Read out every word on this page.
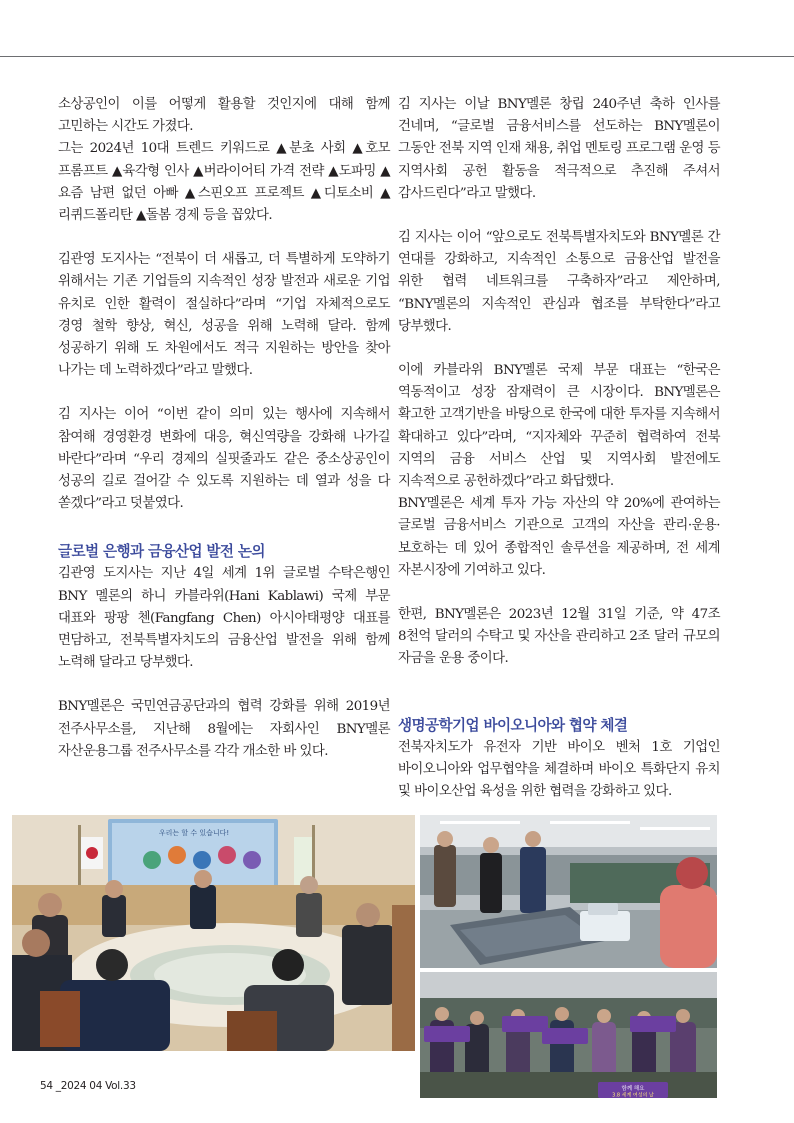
소상공인이 이를 어떻게 활용할 것인지에 대해 함께 고민하는 시간도 가졌다.

그는 2024년 10대 트렌드 키워드로 ▲분초 사회 ▲호모 프롬프트 ▲육각형 인사 ▲버라이어티 가격 전략 ▲도파밍 ▲요즘 남편 없던 아빠 ▲스핀오프 프로젝트 ▲디토소비 ▲리퀴드폴리탄 ▲돌봄 경제 등을 꼽았다.

김관영 도지사는 “전북이 더 새롭고, 더 특별하게 도약하기 위해서는 기존 기업들의 지속적인 성장 발전과 새로운 기업 유치로 인한 활력이 절실하다”라며 “기업 자체적으로도 경영 철학 향상, 혁신, 성공을 위해 노력해 달라. 함께 성공하기 위해 도 차원에서도 적극 지원하는 방안을 찾아 나가는 데 노력하겠다”라고 말했다.

김 지사는 이어 “이번 같이 의미 있는 행사에 지속해서 참여해 경영환경 변화에 대응, 혁신역량을 강화해 나가길 바란다”라며 “우리 경제의 실핏줄과도 같은 중소상공인이 성공의 길로 걸어갈 수 있도록 지원하는 데 열과 성을 다 쏟겠다”라고 덧붙였다.

글로벌 은행과 금융산업 발전 논의

김관영 도지사는 지난 4일 세계 1위 글로벌 수탁은행인 BNY 멜론의 하니 카블라위(Hani Kablawi) 국제 부문 대표와 팡팡 첸(Fangfang Chen) 아시아태평양 대표를 면담하고, 전북특별자치도의 금융산업 발전을 위해 함께 노력해 달라고 당부했다.

BNY멜론은 국민연금공단과의 협력 강화를 위해 2019년 전주사무소를, 지난해 8월에는 자회사인 BNY멜론 자산운용그룹 전주사무소를 각각 개소한 바 있다.

김 지사는 이날 BNY멜론 창립 240주년 축하 인사를 건네며, “글로벌 금융서비스를 선도하는 BNY멜론이 그동안 전북 지역 인재 채용, 취업 멘토링 프로그램 운영 등 지역사회 공헌 활동을 적극적으로 추진해 주셔서 감사드린다”라고 말했다.

김 지사는 이어 “앞으로도 전북특별자치도와 BNY멜론 간 연대를 강화하고, 지속적인 소통으로 금융산업 발전을 위한 협력 네트워크를 구축하자”라고 제안하며, “BNY멜론의 지속적인 관심과 협조를 부탁한다”라고 당부했다.

이에 카블라위 BNY멜론 국제 부문 대표는 “한국은 역동적이고 성장 잠재력이 큰 시장이다. BNY멜론은 확고한 고객기반을 바탕으로 한국에 대한 투자를 지속해서 확대하고 있다”라며, “지자체와 꾸준히 협력하여 전북 지역의 금융 서비스 산업 및 지역사회 발전에도 지속적으로 공헌하겠다”라고 화답했다.

BNY멜론은 세계 투자 가능 자산의 약 20%에 관여하는 글로벌 금융서비스 기관으로 고객의 자산을 관리·운용·보호하는 데 있어 종합적인 솔루션을 제공하며, 전 세계 자본시장에 기여하고 있다.

한편, BNY멜론은 2023년 12월 31일 기준, 약 47조 8천억 달러의 수탁고 및 자산을 관리하고 2조 달러 규모의 자금을 운용 중이다.

생명공학기업 바이오니아와 협약 체결

전북자치도가 유전자 기반 바이오 벤처 1호 기업인 바이오니아와 업무협약을 체결하며 바이오 특화단지 유치 및 바이오산업 육성을 위한 협력을 강화하고 있다.

우리는 할 수 있습니다!
함께 해요
3.8 세계 여성의 날
54 _2024 04 Vol.33
